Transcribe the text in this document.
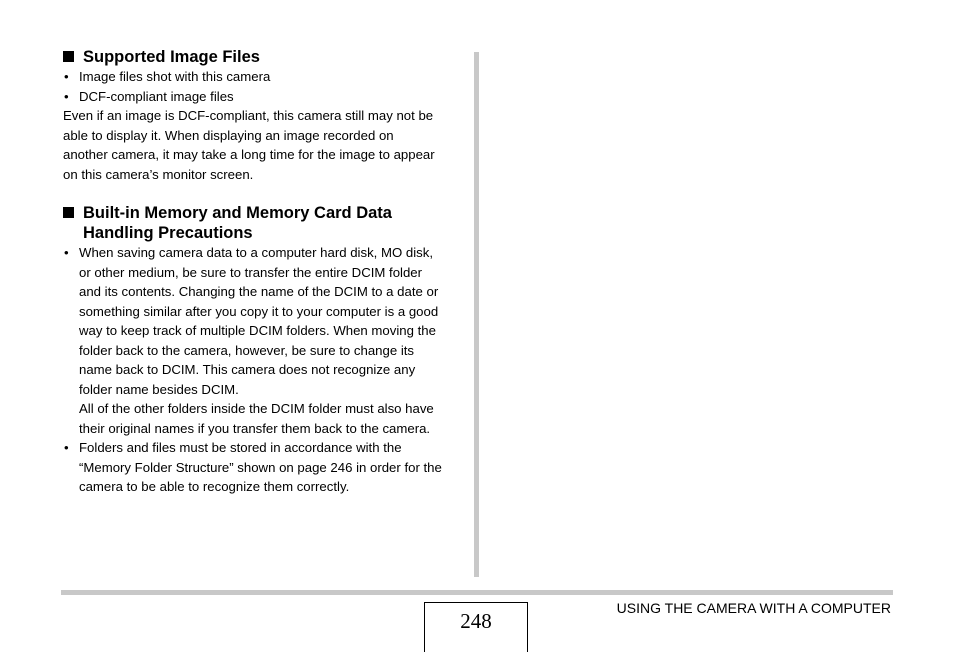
Supported Image Files
• Image files shot with this camera
• DCF-compliant image files

Even if an image is DCF-compliant, this camera still may not be
able to display it. When displaying an image recorded on
another camera, it may take a long time for the image to appear
on this camera’s monitor screen.

Built-in Memory and Memory Card Data
Handling Precautions
• When saving camera data to a computer hard disk, MO disk,
or other medium, be sure to transfer the entire DCIM folder
and its contents. Changing the name of the DCIM to a date or
something similar after you copy it to your computer is a good
way to keep track of multiple DCIM folders. When moving the
folder back to the camera, however, be sure to change its
name back to DCIM. This camera does not recognize any
folder name besides DCIM.
All of the other folders inside the DCIM folder must also have
their original names if you transfer them back to the camera.
• Folders and files must be stored in accordance with the
“Memory Folder Structure” shown on page 246 in order for the
camera to be able to recognize them correctly.
248
USING THE CAMERA WITH A COMPUTER
